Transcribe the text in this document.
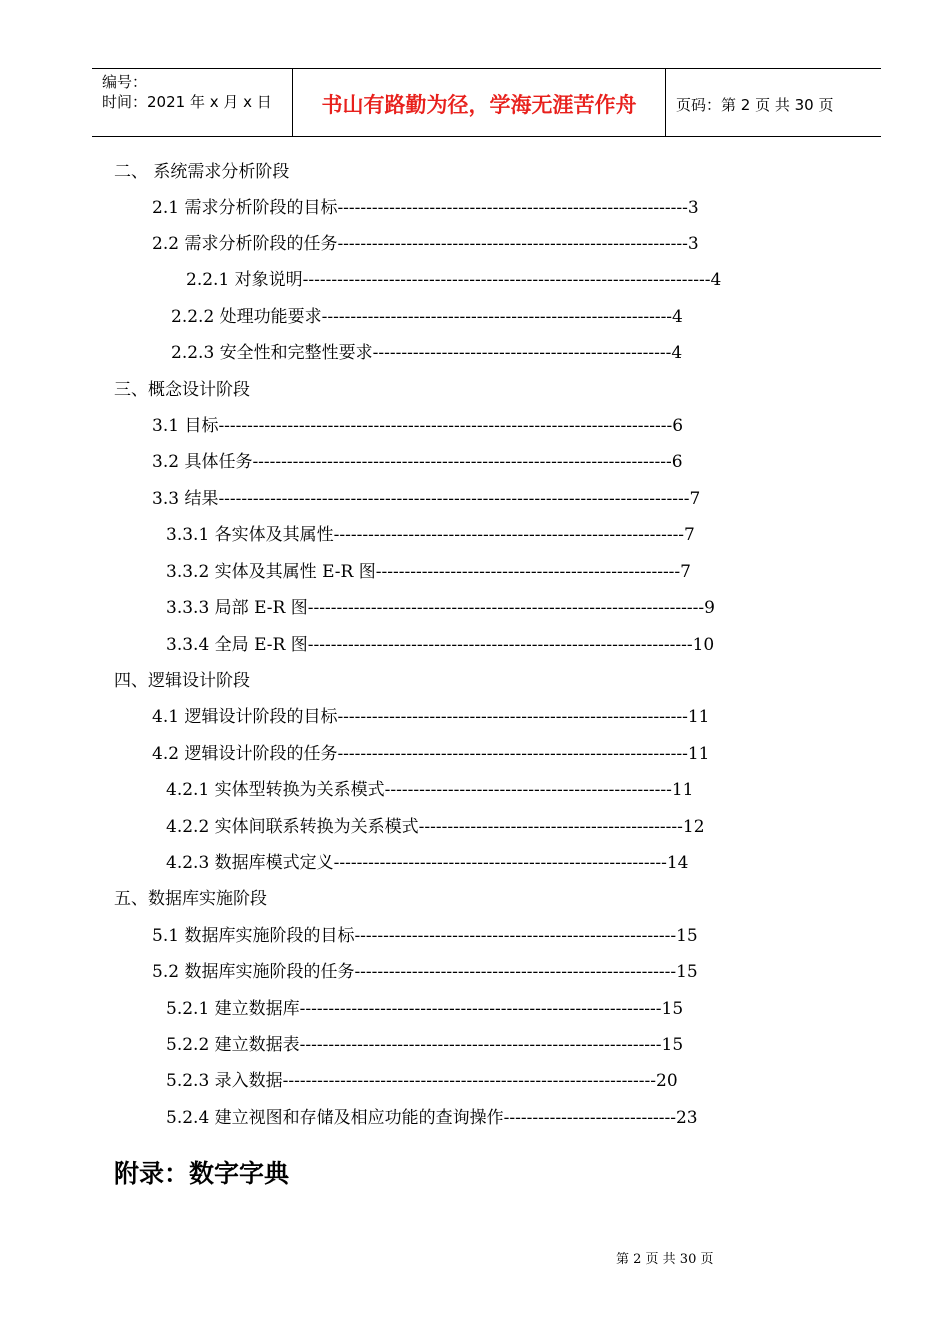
编号：
时间：2021 年 x 月 x 日	书山有路勤为径，学海无涯苦作舟	页码：第 2 页 共 30 页
二、 系统需求分析阶段
2.1 需求分析阶段的目标-------------------------------------------------------------3
2.2 需求分析阶段的任务-------------------------------------------------------------3
2.2.1 对象说明-----------------------------------------------------------------------4
2.2.2 处理功能要求-------------------------------------------------------------4
2.2.3 安全性和完整性要求----------------------------------------------------4
三、概念设计阶段
3.1 目标-------------------------------------------------------------------------------6
3.2 具体任务-------------------------------------------------------------------------6
3.3 结果----------------------------------------------------------------------------------7
3.3.1 各实体及其属性-------------------------------------------------------------7
3.3.2 实体及其属性 E-R 图-----------------------------------------------------7
3.3.3 局部 E-R 图---------------------------------------------------------------------9
3.3.4 全局 E-R 图-------------------------------------------------------------------10
四、逻辑设计阶段
4.1 逻辑设计阶段的目标-------------------------------------------------------------11
4.2 逻辑设计阶段的任务-------------------------------------------------------------11
4.2.1 实体型转换为关系模式--------------------------------------------------11
4.2.2 实体间联系转换为关系模式----------------------------------------------12
4.2.3 数据库模式定义----------------------------------------------------------14
五、数据库实施阶段
5.1 数据库实施阶段的目标--------------------------------------------------------15
5.2 数据库实施阶段的任务--------------------------------------------------------15
5.2.1 建立数据库---------------------------------------------------------------15
5.2.2 建立数据表---------------------------------------------------------------15
5.2.3 录入数据-----------------------------------------------------------------20
5.2.4 建立视图和存储及相应功能的查询操作------------------------------23
附录：数字字典
第 2 页 共 30 页
